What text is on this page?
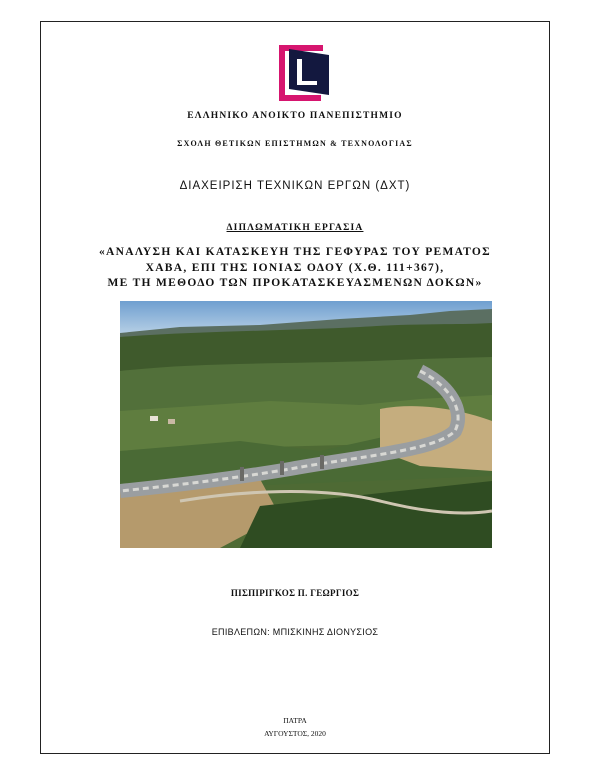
ΕΛΛΗΝΙΚΟ ΑΝΟΙΚΤΟ ΠΑΝΕΠΙΣΤΗΜΙΟ
ΣΧΟΛΗ ΘΕΤΙΚΩΝ ΕΠΙΣΤΗΜΩΝ & ΤΕΧΝΟΛΟΓΙΑΣ
ΔΙΑΧΕΙΡΙΣΗ ΤΕΧΝΙΚΩΝ ΕΡΓΩΝ (ΔΧΤ)
ΔΙΠΛΩΜΑΤΙΚΗ ΕΡΓΑΣΙΑ
«ΑΝΑΛΥΣΗ ΚΑΙ ΚΑΤΑΣΚΕΥΗ ΤΗΣ ΓΕΦΥΡΑΣ ΤΟΥ ΡΕΜΑΤΟΣ
ΧΑΒΑ, ΕΠΙ ΤΗΣ ΙΟΝΙΑΣ ΟΔΟΥ (Χ.Θ. 111+367),
ΜΕ ΤΗ ΜΕΘΟΔΟ ΤΩΝ ΠΡΟΚΑΤΑΣΚΕΥΑΣΜΕΝΩΝ ΔΟΚΩΝ»
ΠΙΣΠΙΡΙΓΚΟΣ Π. ΓΕΩΡΓΙΟΣ
ΕΠΙΒΛΕΠΩΝ: ΜΠΙΣΚΙΝΗΣ ΔΙΟΝΥΣΙΟΣ
ΠΑΤΡΑ
ΑΥΓΟΥΣΤΟΣ, 2020
